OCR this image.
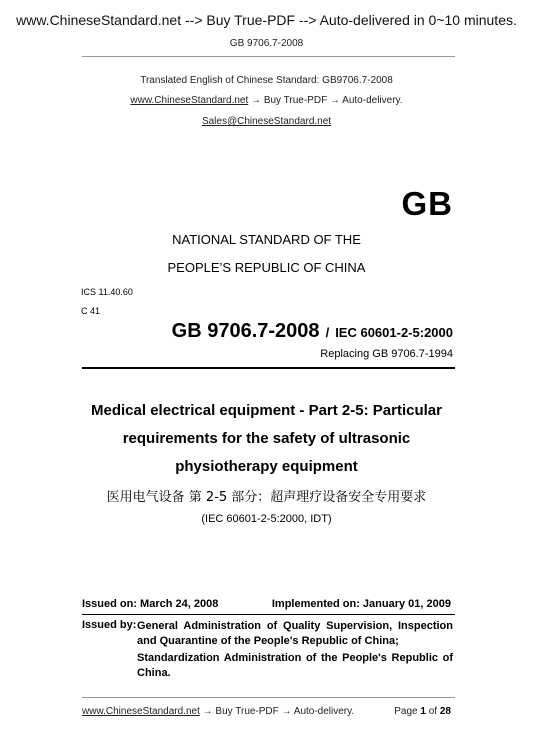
www.ChineseStandard.net --> Buy True-PDF --> Auto-delivered in 0~10 minutes.
GB 9706.7-2008
Translated English of Chinese Standard: GB9706.7-2008
www.ChineseStandard.net → Buy True-PDF → Auto-delivery.
Sales@ChineseStandard.net
GB
NATIONAL STANDARD OF THE
PEOPLE’S REPUBLIC OF CHINA
ICS 11.40.60
C 41
GB 9706.7-2008 / IEC 60601-2-5:2000
Replacing GB 9706.7-1994
Medical electrical equipment - Part 2-5: Particular
requirements for the safety of ultrasonic
physiotherapy equipment
医用电气设备 第 2-5 部分：超声理疗设备安全专用要求
(IEC 60601-2-5:2000, IDT)
Issued on: March 24, 2008	Implemented on: January 01, 2009
Issued by: General Administration of Quality Supervision, Inspection and Quarantine of the People's Republic of China;
Standardization Administration of the People's Republic of China.
www.ChineseStandard.net → Buy True-PDF → Auto-delivery.	Page 1 of 28
